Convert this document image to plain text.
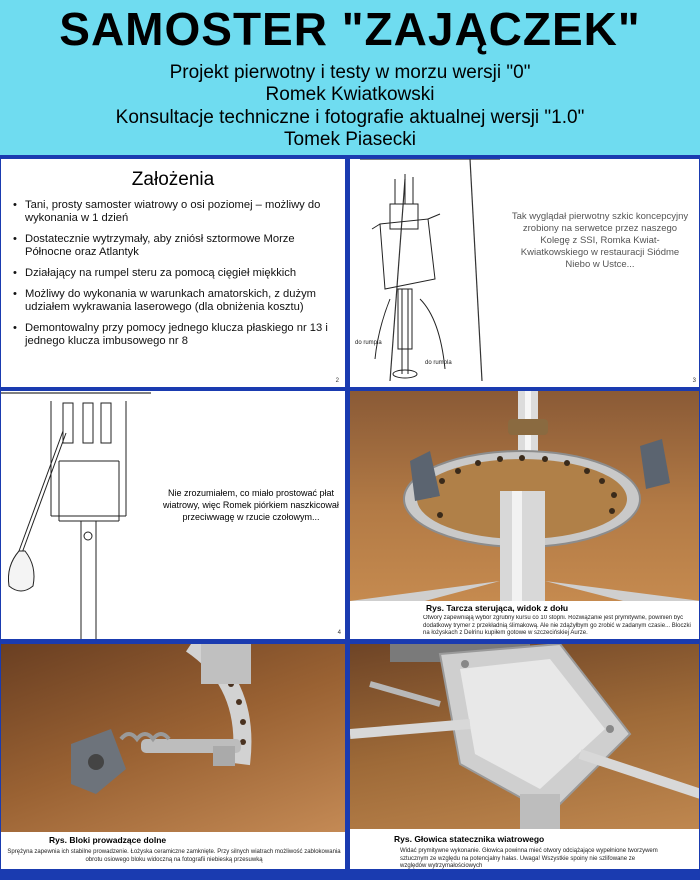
SAMOSTER "ZAJĄCZEK"
Projekt pierwotny i testy w morzu wersji "0"
Romek Kwiatkowski
Konsultacje techniczne i fotografie aktualnej wersji "1.0"
Tomek Piasecki
Założenia
• Tani, prosty samoster wiatrowy o osi poziomej – możliwy do wykonania w 1 dzień
• Dostatecznie wytrzymały, aby zniósł sztormowe Morze Północne oraz Atlantyk
• Działający na rumpel steru za pomocą cięgieł miękkich
• Możliwy do wykonania w warunkach amatorskich, z dużym udziałem wykrawania laserowego (dla obniżenia kosztu)
• Demontowalny przy pomocy jednego klucza płaskiego nr 13 i jednego klucza imbusowego nr 8
2
do rumpla
do rumpla
Tak wyglądał pierwotny szkic koncepcyjny zrobiony na serwetce przez naszego Kolegę z SSI, Romka Kwiat-Kwiatkowskiego w restauracji Siódme Niebo w Ustce...
3
Nie zrozumiałem, co miało prostować płat wiatrowy, więc Romek piórkiem naszkicował przeciwwagę w rzucie czołowym...
4
Rys. Tarcza sterująca, widok z dołu
Otwory zapewniają wybór zgrubny kursu co 10 stopni. Rozwiązanie jest prymitywne, powinien być dodatkowy trymer z przekładnią ślimakową. Ale nie zdążyłbym go zrobić w zadanym czasie... Bloczki na łożyskach z Delrinu kupiłem gotowe w szczecińskiej Aurze.
Rys. Bloki prowadzące dolne
Sprężyna zapewnia ich stabilne prowadzenie. Łożyska ceramiczne zamknięte. Przy silnych wiatrach możliwość zablokowania obrotu osiowego bloku widoczną na fotografii niebieską przesuwką
Rys. Głowica statecznika wiatrowego
Widać prymitywne wykonanie. Głowica powinna mieć otwory odciążające wypełnione tworzywem sztucznym ze względu na potencjalny hałas. Uwaga! Wszystkie spoiny nie szlifowane ze względów wytrzymałościowych
